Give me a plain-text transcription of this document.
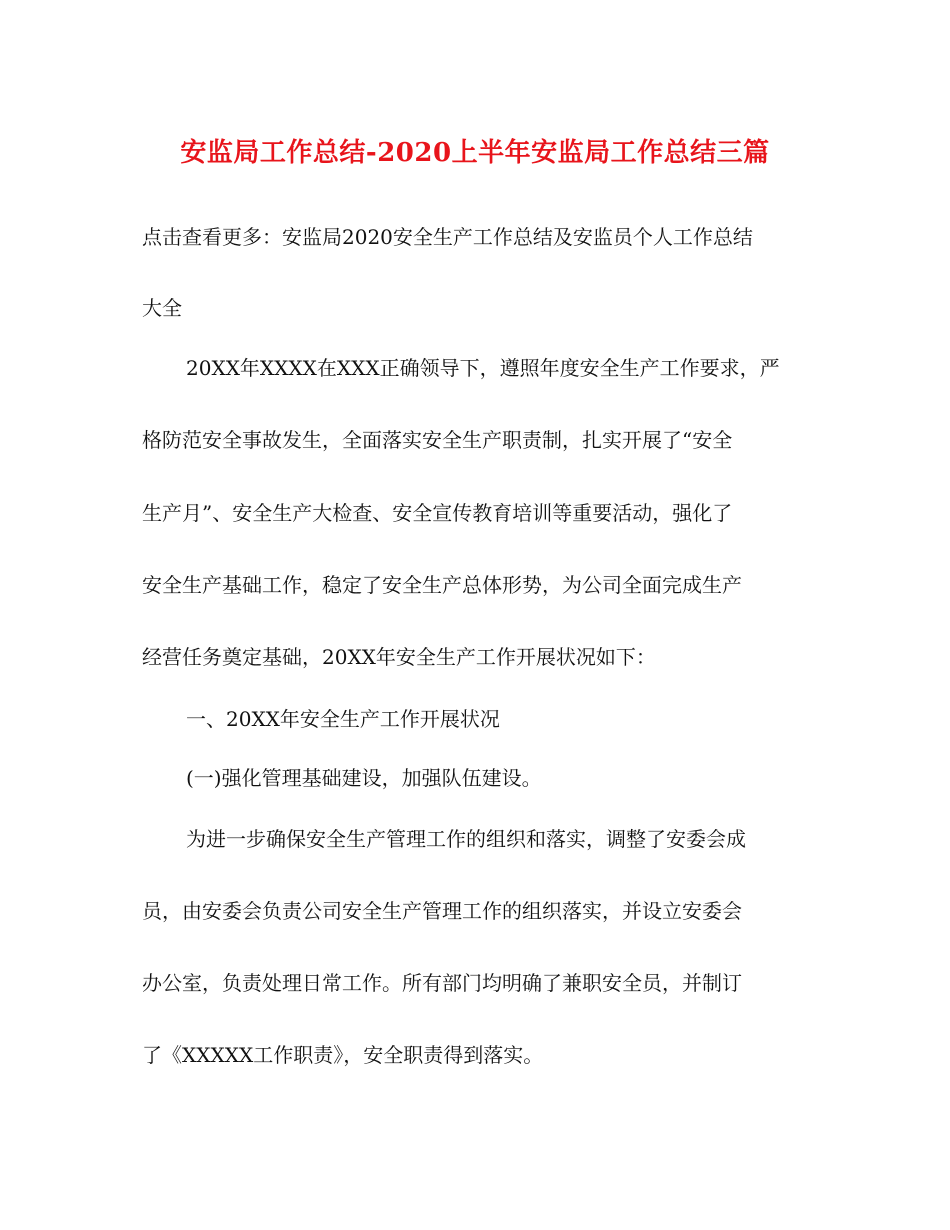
安监局工作总结-2020上半年安监局工作总结三篇
点击查看更多：安监局2020安全生产工作总结及安监员个人工作总结
大全
20XX年XXXX在XXX正确领导下，遵照年度安全生产工作要求，严
格防范安全事故发生，全面落实安全生产职责制，扎实开展了“安全
生产月”、安全生产大检查、安全宣传教育培训等重要活动，强化了
安全生产基础工作，稳定了安全生产总体形势，为公司全面完成生产
经营任务奠定基础，20XX年安全生产工作开展状况如下：
一、20XX年安全生产工作开展状况
(一)强化管理基础建设，加强队伍建设。
为进一步确保安全生产管理工作的组织和落实，调整了安委会成
员，由安委会负责公司安全生产管理工作的组织落实，并设立安委会
办公室，负责处理日常工作。所有部门均明确了兼职安全员，并制订
了《XXXXX工作职责》，安全职责得到落实。
